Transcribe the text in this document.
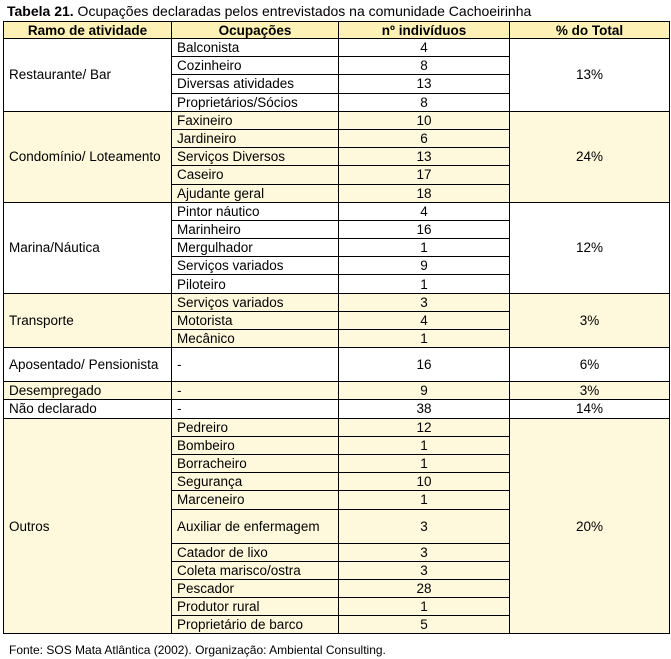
Tabela 21. Ocupações declaradas pelos entrevistados na comunidade Cachoeirinha
Ramo de atividade	Ocupações	nº indivíduos	% do Total
Restaurante/ Bar	Balconista	4	13%
	Cozinheiro	8	
	Diversas atividades	13	
	Proprietários/Sócios	8	
Condomínio/ Loteamento	Faxineiro	10	24%
	Jardineiro	6	
	Serviços Diversos	13	
	Caseiro	17	
	Ajudante geral	18	
Marina/Náutica	Pintor náutico	4	12%
	Marinheiro	16	
	Mergulhador	1	
	Serviços variados	9	
	Piloteiro	1	
Transporte	Serviços variados	3	3%
	Motorista	4	
	Mecânico	1	
Aposentado/ Pensionista	-	16	6%
Desempregado	-	9	3%
Não declarado	-	38	14%
Outros	Pedreiro	12	20%
	Bombeiro	1	
	Borracheiro	1	
	Segurança	10	
	Marceneiro	1	
	Auxiliar de enfermagem	3	
	Catador de lixo	3	
	Coleta marisco/ostra	3	
	Pescador	28	
	Produtor rural	1	
	Proprietário de barco	5	
Fonte: SOS Mata Atlântica (2002). Organização: Ambiental Consulting.
